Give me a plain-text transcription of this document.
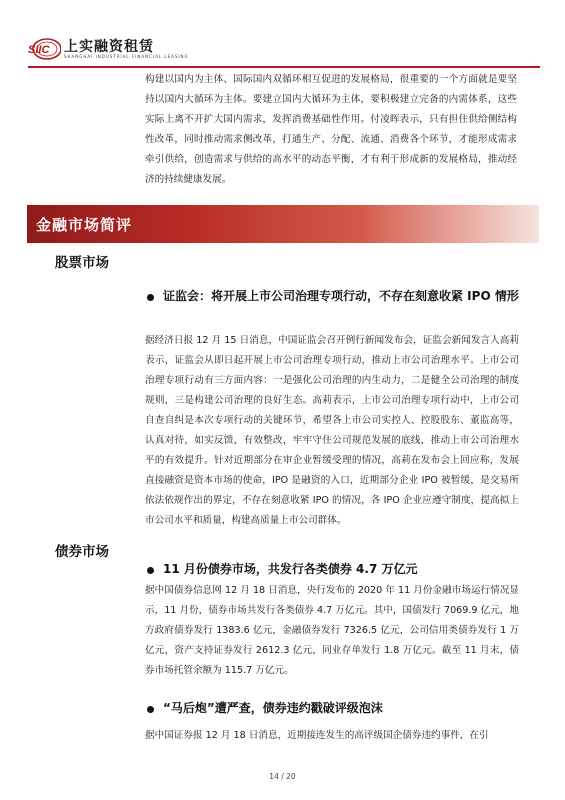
SIIC 上实融资租赁
SHANGHAI INDUSTRIAL FINANCIAL LEASING
构建以国内为主体、国际国内双循环相互促进的发展格局，很重要的一个方面就是要坚持以国内大循环为主体。要建立国内大循环为主体，要积极建立完备的内需体系，这些实际上离不开扩大国内需求，发挥消费基础性作用。付凌晖表示，只有担住供给侧结构性改革，同时推动需求侧改革，打通生产、分配、流通、消费各个环节，才能形成需求牵引供给，创造需求与供给的高水平的动态平衡，才有利于形成新的发展格局，推动经济的持续健康发展。
金融市场简评
股票市场
证监会：将开展上市公司治理专项行动，不存在刻意收紧 IPO 情形
据经济日报 12 月 15 日消息，中国证监会召开例行新闻发布会，证监会新闻发言人高莉表示，证监会从即日起开展上市公司治理专项行动，推动上市公司治理水平。上市公司治理专项行动有三方面内容：一是强化公司治理的内生动力，二是健全公司治理的制度规则，三是构建公司治理的良好生态。高莉表示，上市公司治理专项行动中，上市公司自查自纠是本次专项行动的关键环节，希望各上市公司实控人、控股股东、董监高等，认真对待，如实反馈，有效整改，牢牢守住公司规范发展的底线，推动上市公司治理水平的有效提升。针对近期部分在审企业暂缓受理的情况，高莉在发布会上回应称，发展直接融资是资本市场的使命，IPO 是融资的入口，近期部分企业 IPO 被暂缓，是交易所依法依规作出的界定，不存在刻意收紧 IPO 的情况，各 IPO 企业应遵守制度，提高拟上市公司水平和质量，构建高质量上市公司群体。
债券市场
11 月份债券市场，共发行各类债券 4.7 万亿元
据中国债券信息网 12 月 18 日消息，央行发布的 2020 年 11 月份金融市场运行情况显示，11 月份，债券市场共发行各类债券 4.7 万亿元。其中，国债发行 7069.9 亿元，地方政府债券发行 1383.6 亿元，金融债券发行 7326.5 亿元，公司信用类债券发行 1 万亿元，资产支持证券发行 2612.3 亿元，同业存单发行 1.8 万亿元。截至 11 月末，债券市场托管余额为 115.7 万亿元。
“马后炮”遭严查，债券违约戳破评级泡沫
据中国证券报 12 月 18 日消息，近期接连发生的高评级国企债券违约事件，在引
14 / 20
